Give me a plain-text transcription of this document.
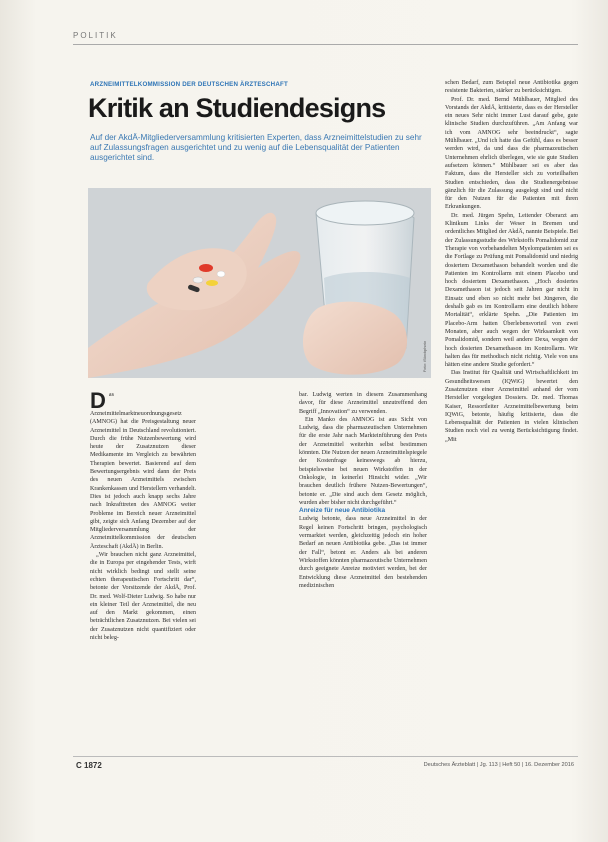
POLITIK
ARZNEIMITTELKOMMISSION DER DEUTSCHEN ÄRZTESCHAFT
Kritik an Studiendesigns
Auf der AkdÄ-Mitgliederversammlung kritisierten Experten, dass Arzneimittelstudien zu sehr auf Zulassungsfragen ausgerichtet und zu wenig auf die Lebensqualität der Patienten ausgerichtet sind.
Foto: iStockphoto
D as Arzneimittelmarktneuordnungsgesetz (AMNOG) hat die Preisgestaltung neuer Arzneimittel in Deutschland revolutioniert. Durch die frühe Nutzenbewertung wird heute der Zusatznutzen dieser Medikamente im Vergleich zu bewährten Therapien bewertet. Basierend auf dem Bewertungsergebnis wird dann der Preis des neuen Arzneimittels zwischen Krankenkassen und Herstellern verhandelt. Dies ist jedoch auch knapp sechs Jahre nach Inkrafttreten des AMNOG weiter Probleme im Bereich neuer Arzneimittel gibt, zeigte sich Anfang Dezember auf der Mitgliederversammlung der Arzneimittelkommission der deutschen Ärzteschaft (AkdÄ) in Berlin.

„Wir brauchen nicht ganz Arzneimittel, die in Europa per eingehender Tests, wirft nicht wirklich bedingt und stellt seine echten therapeutischen Fortschritt dar“, betonte der Vorsitzende der AkdÄ, Prof. Dr. med. Wolf-Dieter Ludwig. So habe nur ein kleiner Teil der Arzneimittel, die neu auf den Markt gekommen, einen beträchtlichen Zusatznutzen. Bei vielen sei der Zusatznutzen nicht quantifiziert oder nicht beleg-

bar. Ludwig werten in diesem Zusammenhang davor, für diese Arzneimittel unzutreffend den Begriff „Innovation“ zu verwenden.

Ein Manko des AMNOG ist aus Sicht von Ludwig, dass die pharmazeutischen Unternehmen für die erste Jahr nach Markteinführung den Preis der Arzneimittel weiterhin selbst bestimmen könnten. Die Nutzen der neuen Arzneimittelspiegele der Kostenfrage keineswegs ab hierzu, beispielsweise bei neuen Wirkstoffen in der Onkologie, in keinerlei Hinsicht wider. „Wir brauchen deutlich frühere Nutzen-Bewertungen“, betonte er. „Die sind auch dem Gesetz möglich, wurden aber bisher nicht durchgeführt.“

Anreize für neue Antibiotika

Ludwig betonte, dass neue Arzneimittel in der Regel keinen Fortschritt bringen, psychologisch vermarktet werden, gleichzeitig jedoch ein hoher Bedarf an neuen Antibiotika gebe. „Das ist immer der Fall“, betont er. Anders als bei anderen Wirkstoffen könnten pharmazeutische Unternehmen durch geeignete Anreize motiviert werden, bei der Entwicklung diese Arzneimittel den bestehenden medizinischen

schen Bedarf, zum Beispiel neue Antibiotika gegen resistente Bakterien, stärker zu berücksichtigen.

Prof. Dr. med. Bernd Mühlbauer, Mitglied des Vorstands der AkdÄ, kritisierte, dass es der Hersteller ein neues Sehr nicht immer Lust darauf gebe, gute klinische Studien durchzuführen. „Am Anfang war ich vom AMNOG sehr beeindruckt“, sagte Mühlbauer. „Und ich hatte das Gefühl, dass es besser werden wird, da und dass die pharmazeutischen Unternehmen ehrlich überlegen, wie sie gute Studien aufsetzen können.“ Mühlbauer sei es aber das Faktum, dass die Hersteller sich zu vorteilhaften Studien entschieden, dass die Studienergebnisse gänzlich für die Zulassung ausgelegt sind und nicht für den Nutzen für die Patienten mit ihren Erkrankungen.

Dr. med. Jürgen Spehn, Leitender Oberarzt am Klinikum Links der Weser in Bremen und ordentliches Mitglied der AkdÄ, nannte Beispiele. Bei der Zulassungsstudie des Wirkstoffs Pomalidomid zur Therapie von vorbehandelten Myelompatienten sei es die Fortlage zu Prüfung mit Pomalidomid und niedrig dosiertem Dexamethason behandelt worden und die Patienten im Kontrollarm mit einem Placebo und hoch dosiertem Dexamethason. „Hoch dosiertes Dexamethason ist jedoch seit Jahren gar nicht in Einsatz und eben so nicht mehr bei Jüngeren, die deshalb gab es im Kontrollarm eine deutlich höhere Mortalität“, erklärte Spehn. „Die Patienten im Placebo-Arm hatten Überlebensvorteil von zwei Monaten, aber auch wegen der Wirksamkeit von Pomalidomid, sondern weil andere Dexa, wegen der hoch dosierten Dexamethason im Kontrollarm. Wir halten das für methodisch nicht richtig. Viele von uns hätten eine andere Studie gefordert.“

Das Institut für Qualität und Wirtschaftlichkeit im Gesundheitswesen (IQWiG) bewertet den Zusatznutzen einer Arzneimittel anhand der vom Hersteller vorgelegten Dossiers. Dr. med. Thomas Kaiser, Ressortleiter Arzneimittelbewertung beim IQWiG, betonte, häufig kritisierte, dass die Lebensqualität der Patienten in vielen klinischen Studien noch viel zu wenig Berücksichtigung findet. „Mit

C 1872	Deutsches Ärzteblatt | Jg. 113 | Heft 50 | 16. Dezember 2016
